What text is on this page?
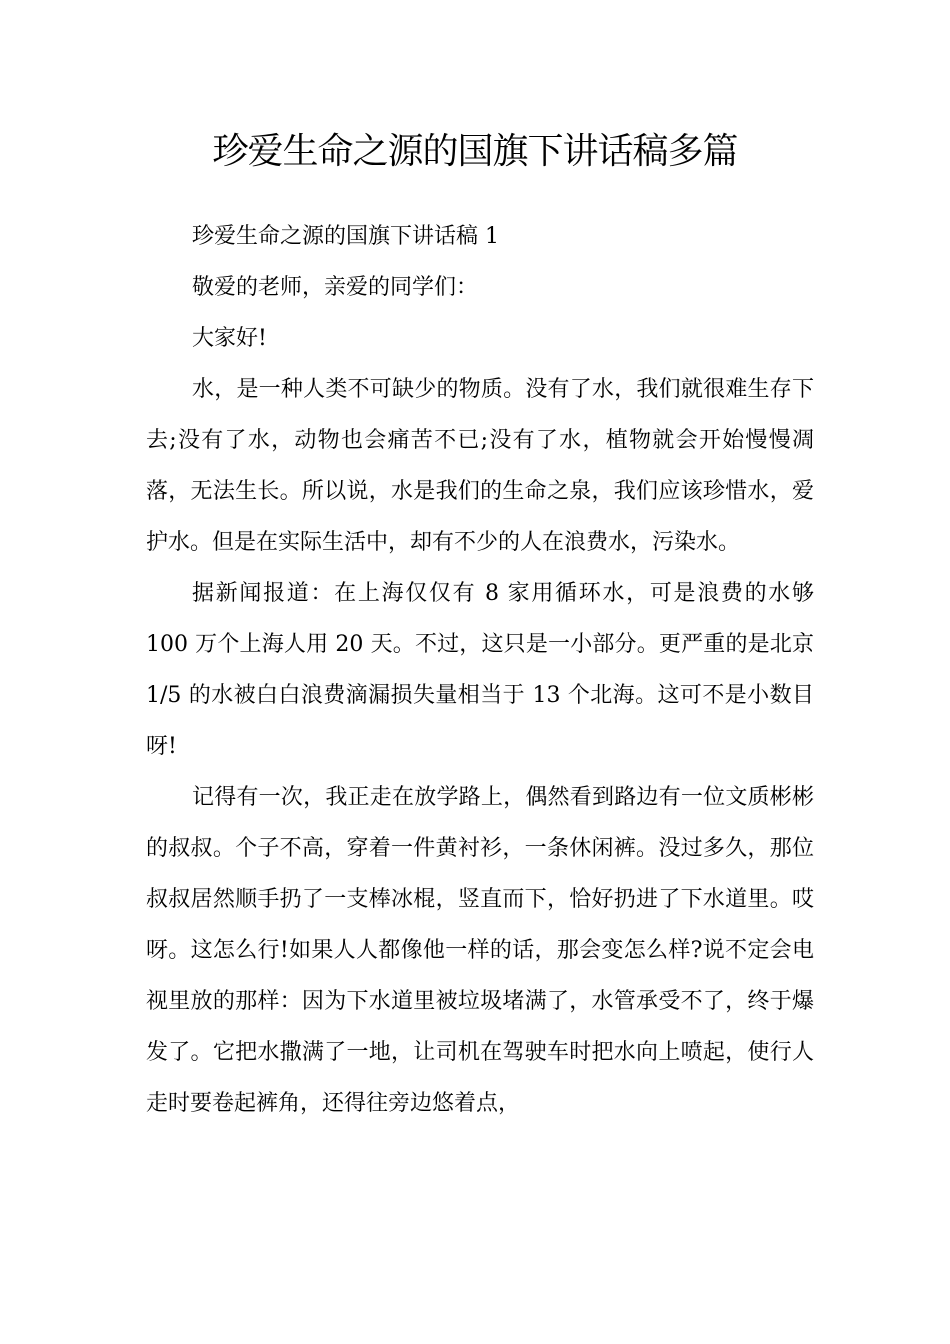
珍爱生命之源的国旗下讲话稿多篇

珍爱生命之源的国旗下讲话稿 1

敬爱的老师，亲爱的同学们：

大家好!

水，是一种人类不可缺少的物质。没有了水，我们就很难生存下去;没有了水，动物也会痛苦不已;没有了水，植物就会开始慢慢凋落，无法生长。所以说，水是我们的生命之泉，我们应该珍惜水，爱护水。但是在实际生活中，却有不少的人在浪费水，污染水。

据新闻报道：在上海仅仅有 8 家用循环水，可是浪费的水够 100 万个上海人用 20 天。不过，这只是一小部分。更严重的是北京 1/5 的水被白白浪费滴漏损失量相当于 13 个北海。这可不是小数目呀!

记得有一次，我正走在放学路上，偶然看到路边有一位文质彬彬的叔叔。个子不高，穿着一件黄衬衫，一条休闲裤。没过多久，那位叔叔居然顺手扔了一支棒冰棍，竖直而下，恰好扔进了下水道里。哎呀。这怎么行!如果人人都像他一样的话，那会变怎么样?说不定会电视里放的那样：因为下水道里被垃圾堵满了，水管承受不了，终于爆发了。它把水撒满了一地，让司机在驾驶车时把水向上喷起，使行人走时要卷起裤角，还得往旁边悠着点，
